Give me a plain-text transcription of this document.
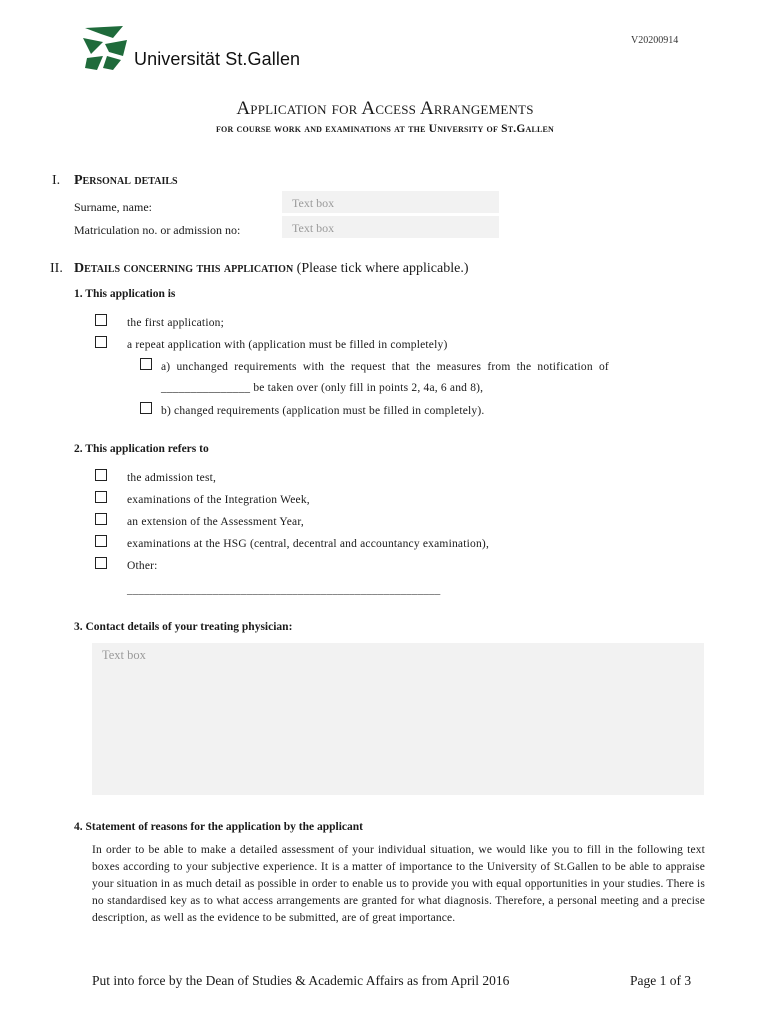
V20200914
Universität St.Gallen
Application for Access Arrangements
for course work and examinations at the University of St.Gallen
I. Personal details
Surname, name:	Text box
Matriculation no. or admission no:	Text box
II. Details concerning this application (Please tick where applicable.)
1. This application is
the first application;
a repeat application with (application must be filled in completely)
a)  unchanged  requirements  with  the  request  that  the  measures  from  the  notification  of
_______________ be taken over (only fill in points 2, 4a, 6 and 8),
b) changed requirements (application must be filled in completely).
2. This application refers to
the admission test,
examinations of the Integration Week,
an extension of the Assessment Year,
examinations at the HSG (central, decentral and accountancy examination),
Other:
_______________________________________________________
3. Contact details of your treating physician:
Text box
4. Statement of reasons for the application by the applicant
In order to be able to make a detailed assessment of your individual situation, we would like you to fill in the following text boxes according to your subjective experience. It is a matter of importance to the University of St.Gallen to be able to appraise your situation in as much detail as possible in order to enable us to provide you with equal opportunities in your studies. There is no standardised key as to what access arrangements are granted for what diagnosis. Therefore, a personal meeting and a precise description, as well as the evidence to be submitted, are of great importance.
Put into force by the Dean of Studies & Academic Affairs as from April 2016	Page 1 of 3
